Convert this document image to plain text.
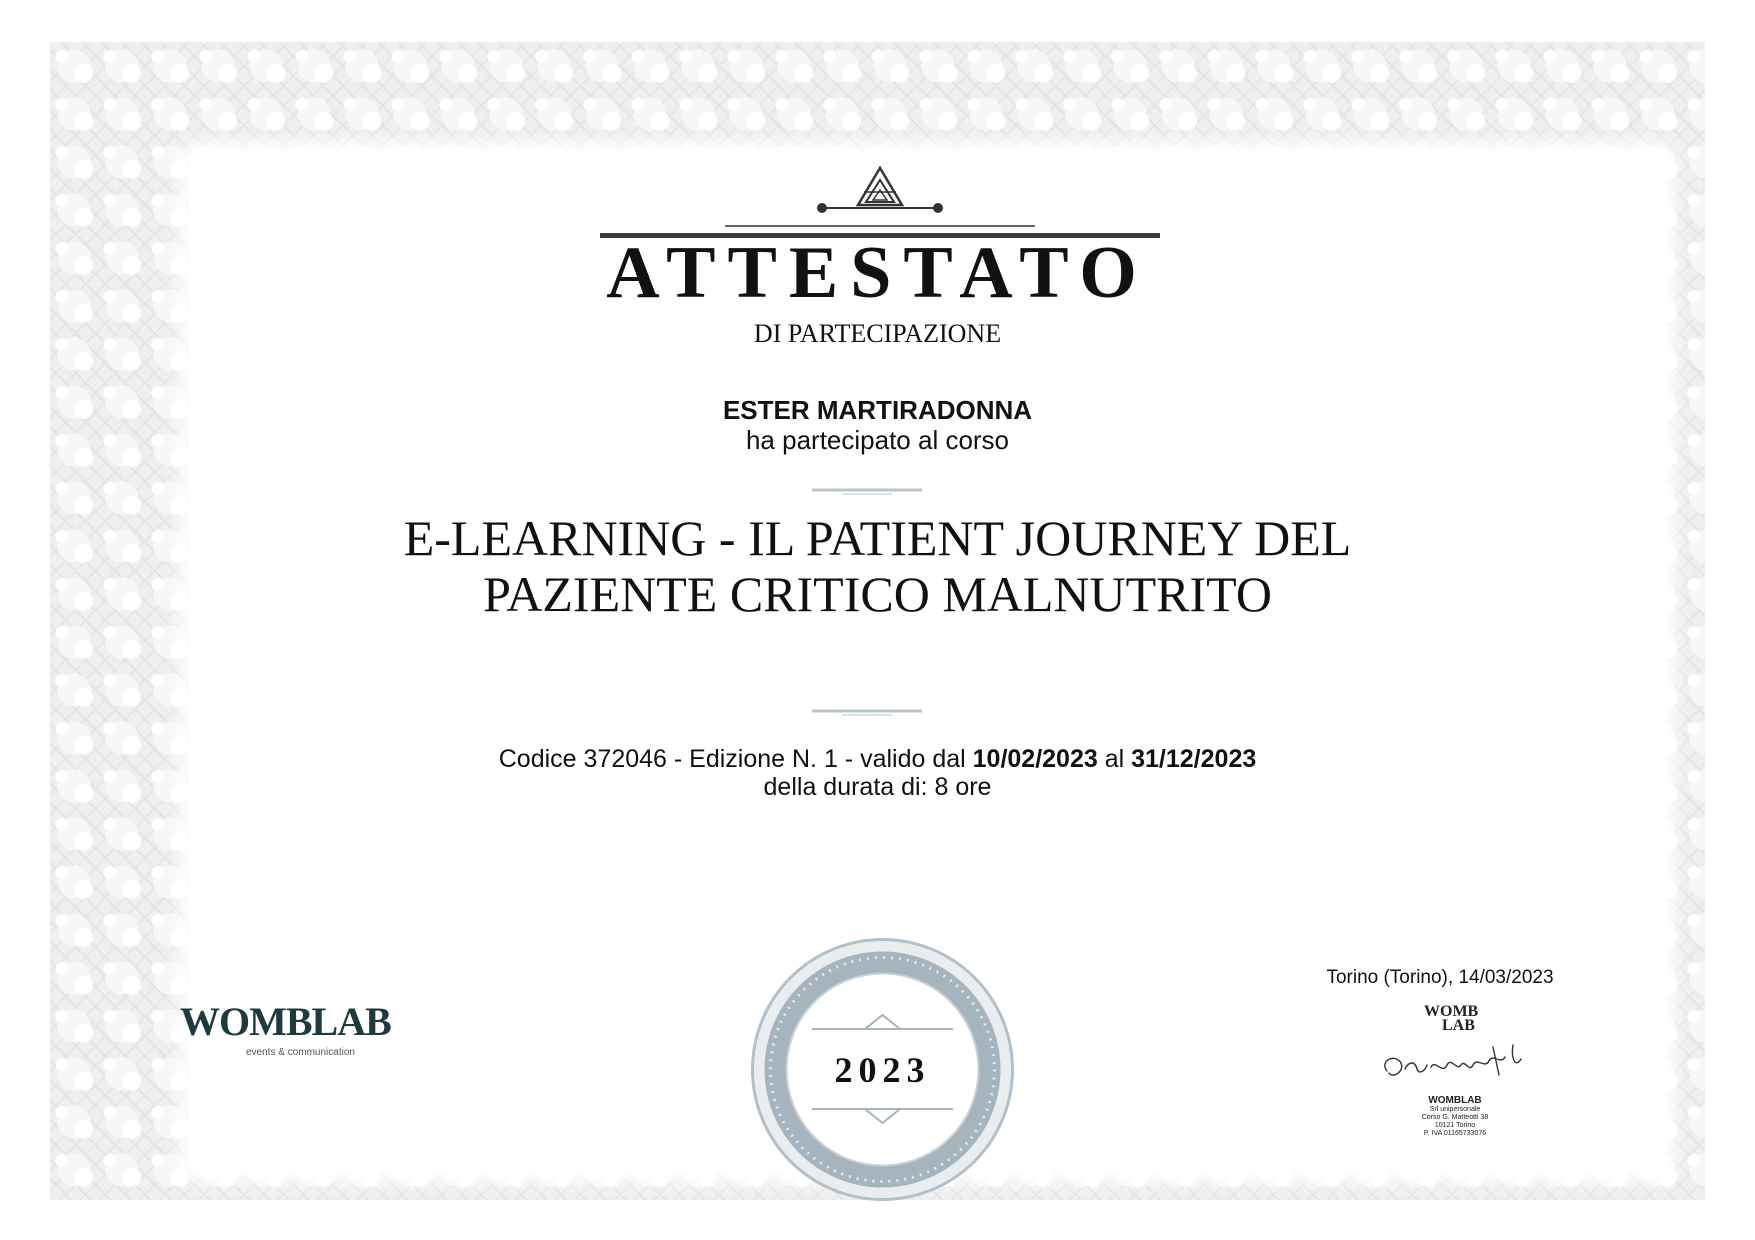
ATTESTATO
DI PARTECIPAZIONE
ESTER MARTIRADONNA
ha partecipato al corso
E-LEARNING - IL PATIENT JOURNEY DEL
PAZIENTE CRITICO MALNUTRITO
Codice 372046 - Edizione N. 1 - valido dal 10/02/2023 al 31/12/2023
della durata di: 8 ore
WOMBLAB
events & communication	2023
Torino (Torino), 14/03/2023
WOMB
LAB
WOMBLAB
Srl unipersonale
Corso G. Matteotti 38
10121 Torino
P. IVA 01165733076
